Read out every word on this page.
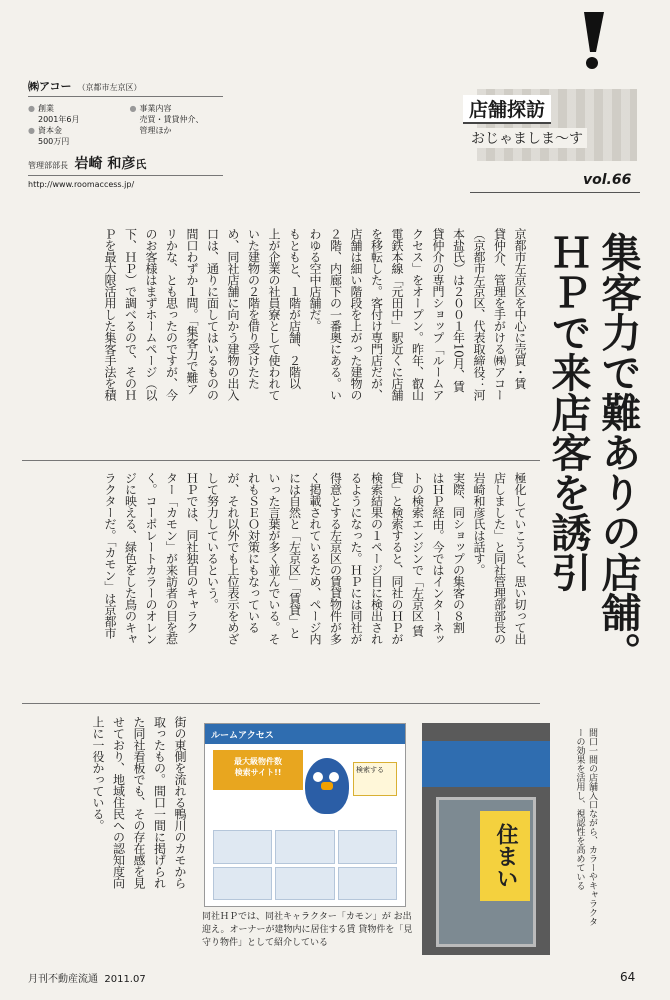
㈱アコー （京都市左京区）
● 創業
2001年6月
● 資本金
500万円
● 事業内容
売買・賃貸仲介、
管理ほか
管理部部長 岩崎 和彦氏
http://www.roomaccess.jp/
店舗探訪
おじゃましま～す
vol.66
集客力で難ありの店舗。
ＨＰで来店客を誘引
京都市左京区を中心に売買・賃
貸仲介、管理を手がける㈱アコー
（京都市左京区、代表取締役：河
本盐氏）は２００１年10月、賃
貸仲介の専門ショップ「ルームア
クセス」をオープン。昨年、叡山
電鉄本線「元田中」駅近くに店舗
を移転した。客付け専門店だが、
店舗は細い階段を上がった建物の
２階、内廊下の一番奥にある。い
わゆる空中店舗だ。
もともと、１階が店舗、２階以
上が企業の社員寮として使われて
いた建物の２階を借り受けたた
め、同社店舗に向かう建物の出入
口は、通りに面してはいるものの
間口わずか１間。「集客力で難ア
リかな、とも思ったのですが、今
のお客様はまずホームページ（以
下、ＨＰ）で調べるので、そのＨ
Ｐを最大限活用した集客手法を積
極化していこうと、思い切って出
店しました」と同社管理部部長の
岩崎和彦氏は話す。
実際、同ショップの集客の８割
はＨＰ経由。今ではインターネッ
トの検索エンジンで「左京区 賃
貸」と検索すると、同社のＨＰが
検索結果の１ページ目に検出され
るようになった。ＨＰには同社が
得意とする左京区の賃貸物件が多
く掲載されているため、ページ内
には自然と「左京区」「賃貸」と
いった言葉が多く並んでいる。そ
れもＳＥＯ対策にもなっている
が、それ以外でも上位表示をめざ
して努力しているという。
ＨＰでは、同社独自のキャラク
ター「カモン」が来訪者の目を惹
く。コーポレートカラーのオレン
ジに映える、緑色をした鳥のキャ
ラクターだ。「カモン」は京都市
街の東側を流れる鴨川のカモから
取ったもの。間口一間に掲げられ
た同社看板でも、その存在感を見
せており、地域住民への認知度向
上に一役かっている。	ルームアクセス
最大級物件数
検索サイト!!	検索する
同社ＨＰでは、同社キャラクター「カモン」が お出迎え。オーナーが建物内に居住する賃 貸物件を「見守り物件」として紹介している
住まい	間口一間の店舗入口ながら、カラーやキャラクターの効果を活用し、視認性を高めている
月刊不動産流通 2011.07	64
